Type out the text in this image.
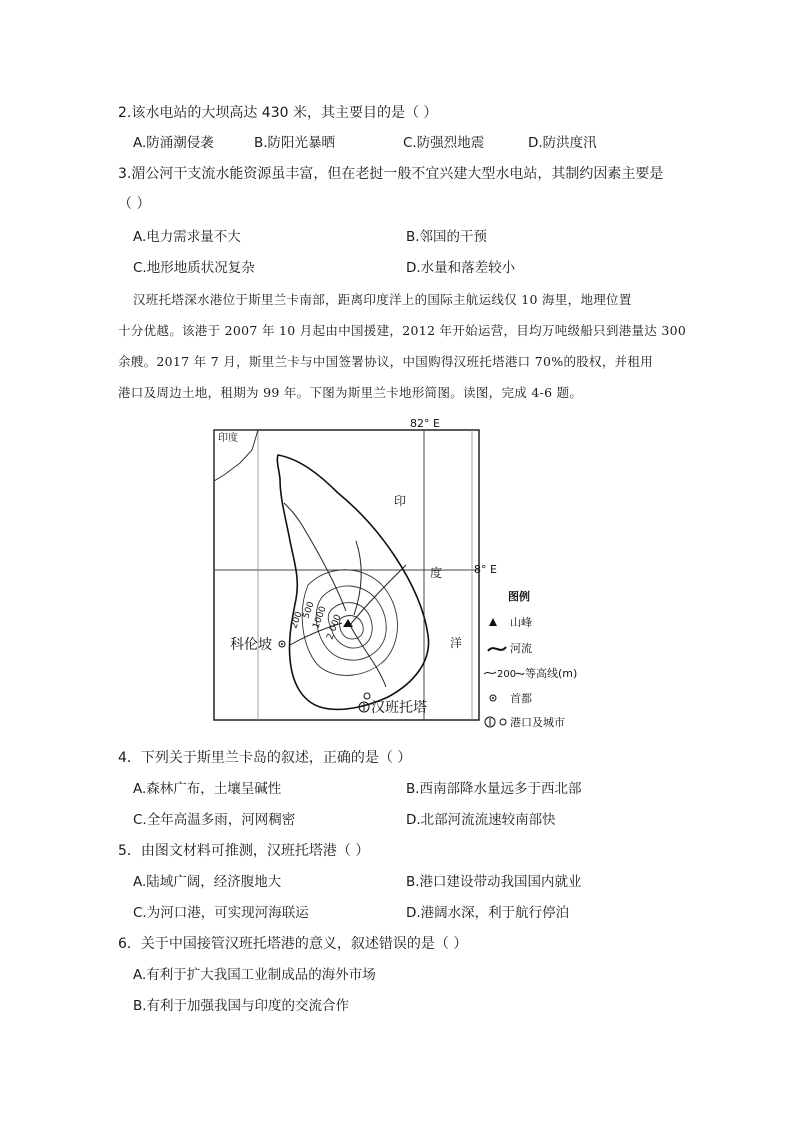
2.该水电站的大坝高达 430 米，其主要目的是（ ）
A.防涌潮侵袭	B.防阳光暴晒	C.防强烈地震	D.防洪度汛
3.湄公河干支流水能资源虽丰富，但在老挝一般不宜兴建大型水电站，其制约因素主要是
（ ）
A.电力需求量不大	B.邻国的干预
C.地形地质状况复杂	D.水量和落差较小
汉班托塔深水港位于斯里兰卡南部，距离印度洋上的国际主航运线仅 10 海里，地理位置
十分优越。该港于 2007 年 10 月起由中国援建，2012 年开始运营，目均万吨级船只到港量达 300
余艘。2017 年 7 月，斯里兰卡与中国签署协议，中国购得汉班托塔港口 70%的股权，并租用
港口及周边土地，租期为 99 年。下图为斯里兰卡地形简图。读图，完成 4-6 题。
82° E
8° E
印度
200
500
1000
2 000
科伦坡
汉班托塔
印
度
洋
图例
山峰
河流
200 等高线(m)
首都
港口及城市
4．下列关于斯里兰卡岛的叙述，正确的是（ ）
A.森林广布，土壤呈碱性	B.西南部降水量远多于西北部
C.全年高温多雨，河网稠密	D.北部河流流速较南部快
5．由图文材料可推测，汉班托塔港（ ）
A.陆域广阔，经济腹地大	B.港口建设带动我国国内就业
C.为河口港，可实现河海联运	D.港阔水深，利于航行停泊
6．关于中国接管汉班托塔港的意义，叙述错误的是（ ）
A.有利于扩大我国工业制成品的海外市场
B.有利于加强我国与印度的交流合作
